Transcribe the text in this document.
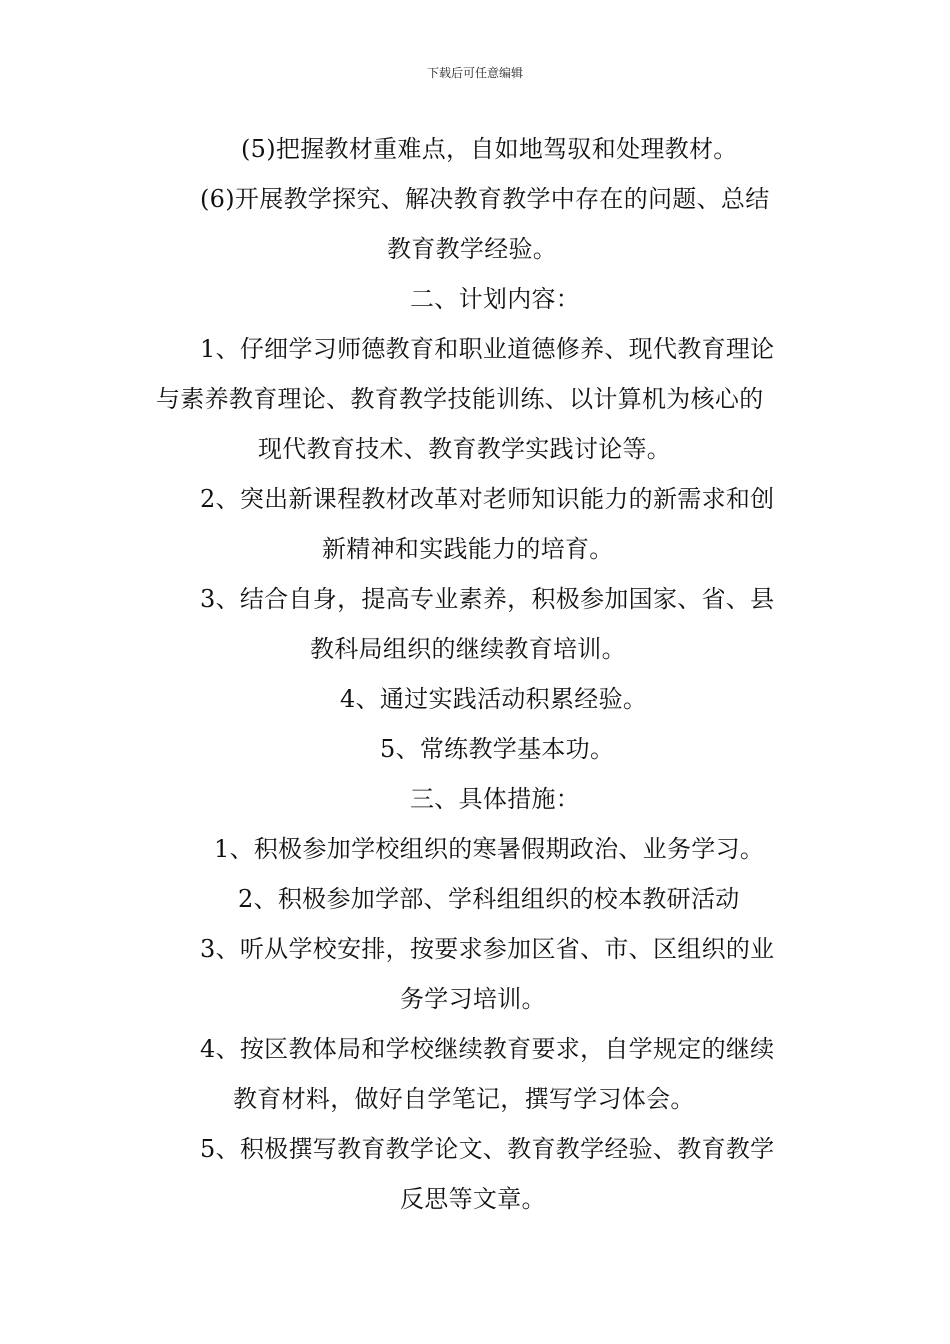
下载后可任意编辑
(5)把握教材重难点，自如地驾驭和处理教材。
(6)开展教学探究、解决教育教学中存在的问题、总结
教育教学经验。
二、计划内容：
1、仔细学习师德教育和职业道德修养、现代教育理论
与素养教育理论、教育教学技能训练、以计算机为核心的
现代教育技术、教育教学实践讨论等。
2、突出新课程教材改革对老师知识能力的新需求和创
新精神和实践能力的培育。
3、结合自身，提高专业素养，积极参加国家、省、县
教科局组织的继续教育培训。
4、通过实践活动积累经验。
5、常练教学基本功。
三、具体措施：
1、积极参加学校组织的寒暑假期政治、业务学习。
2、积极参加学部、学科组组织的校本教研活动
3、听从学校安排，按要求参加区省、市、区组织的业
务学习培训。
4、按区教体局和学校继续教育要求，自学规定的继续
教育材料，做好自学笔记，撰写学习体会。
5、积极撰写教育教学论文、教育教学经验、教育教学
反思等文章。
